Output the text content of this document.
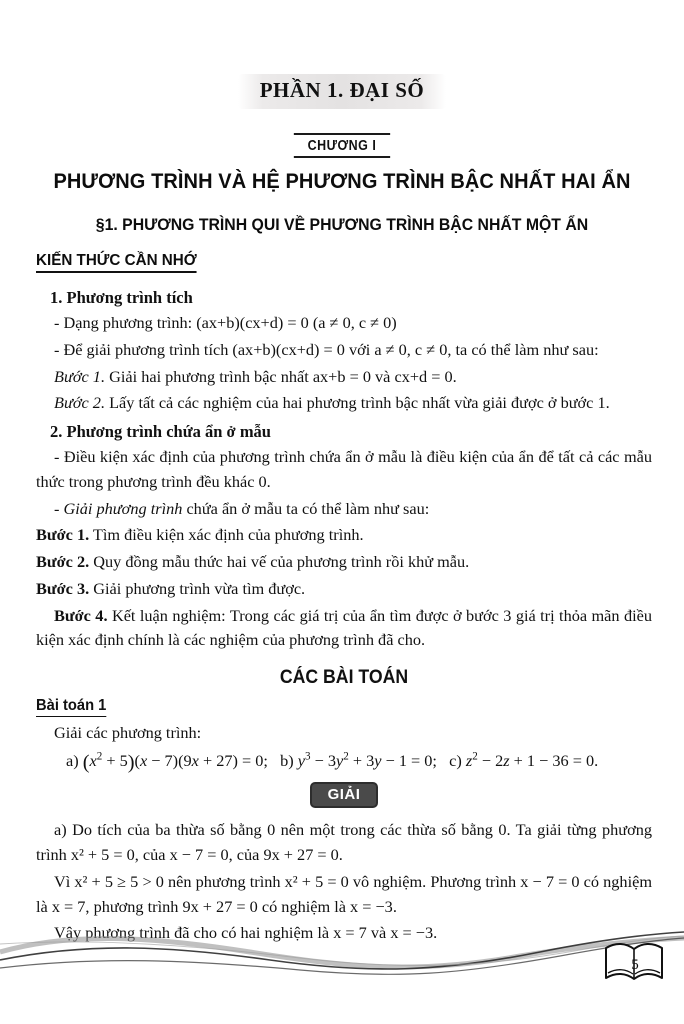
PHẦN 1. ĐẠI SỐ
CHƯƠNG I
PHƯƠNG TRÌNH VÀ HỆ PHƯƠNG TRÌNH BẬC NHẤT HAI ẨN
§1. PHƯƠNG TRÌNH QUI VỀ PHƯƠNG TRÌNH BẬC NHẤT MỘT ẨN
KIẾN THỨC CẦN NHỚ
1. Phương trình tích

- Dạng phương trình: (ax+b)(cx+d) = 0 (a ≠ 0, c ≠ 0)

- Để giải phương trình tích (ax+b)(cx+d) = 0 với a ≠ 0, c ≠ 0, ta có thể làm như sau:

Bước 1. Giải hai phương trình bậc nhất ax+b = 0 và cx+d = 0.

Bước 2. Lấy tất cả các nghiệm của hai phương trình bậc nhất vừa giải được ở bước 1.

2. Phương trình chứa ẩn ở mẫu

- Điều kiện xác định của phương trình chứa ẩn ở mẫu là điều kiện của ẩn để tất cả các mẫu thức trong phương trình đều khác 0.

- Giải phương trình chứa ẩn ở mẫu ta có thể làm như sau:

Bước 1. Tìm điều kiện xác định của phương trình.

Bước 2. Quy đồng mẫu thức hai vế của phương trình rồi khử mẫu.

Bước 3. Giải phương trình vừa tìm được.

Bước 4. Kết luận nghiệm: Trong các giá trị của ẩn tìm được ở bước 3 giá trị thỏa mãn điều kiện xác định chính là các nghiệm của phương trình đã cho.

CÁC BÀI TOÁN
Bài toán 1

Giải các phương trình:

a) $(x^2 + 5)(x - 7)(9x + 27) = 0$;   b) $y^3 - 3y^2 + 3y - 1 = 0$;   c) $z^2 - 2z + 1 - 36 = 0$.
GIẢI

a) Do tích của ba thừa số bằng 0 nên một trong các thừa số bằng 0. Ta giải từng phương trình x² + 5 = 0, của x − 7 = 0, của 9x + 27 = 0.

Vì x² + 5 ≥ 5 > 0 nên phương trình x² + 5 = 0 vô nghiệm. Phương trình x − 7 = 0 có nghiệm là x = 7, phương trình 9x + 27 = 0 có nghiệm là x = −3.

Vậy phương trình đã cho có hai nghiệm là x = 7 và x = −3.

5
